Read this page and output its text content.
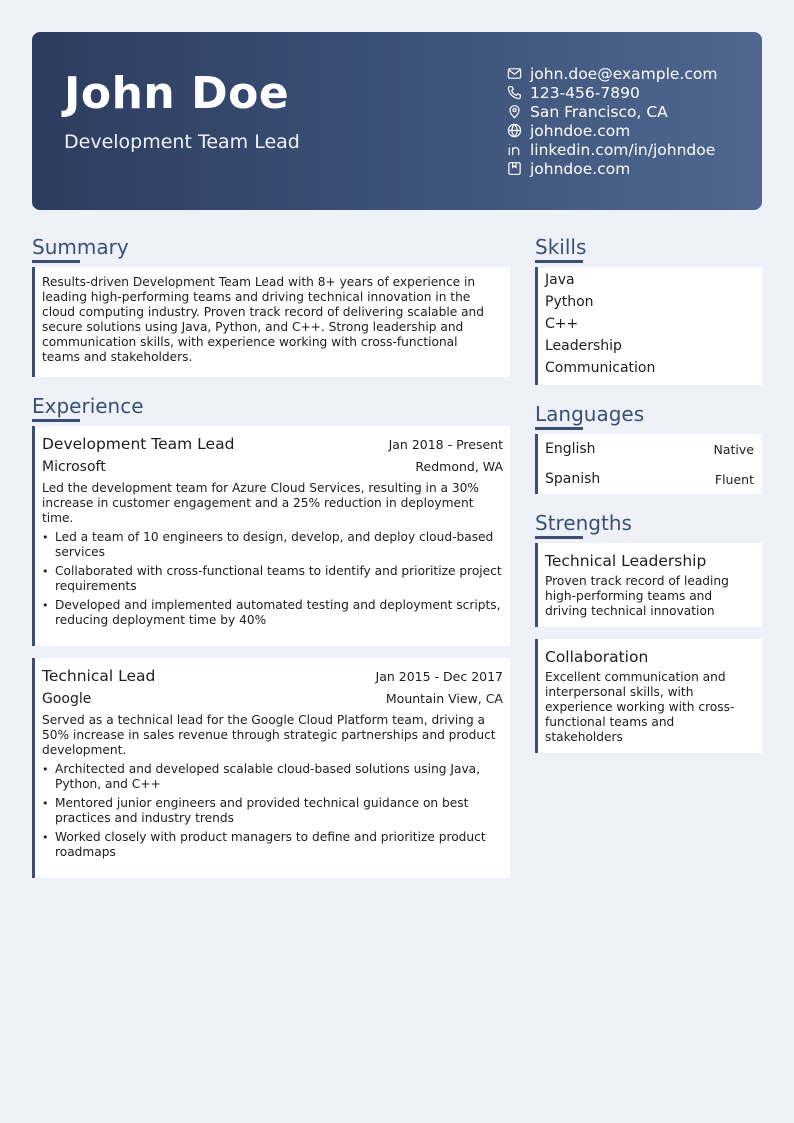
John Doe
Development Team Lead
john.doe@example.com
123-456-7890
San Francisco, CA
johndoe.com
linkedin.com/in/johndoe
johndoe.com
Summary
Results-driven Development Team Lead with 8+ years of experience in leading high-performing teams and driving technical innovation in the cloud computing industry. Proven track record of delivering scalable and secure solutions using Java, Python, and C++. Strong leadership and communication skills, with experience working with cross-functional teams and stakeholders.
Experience
Development Team Lead	Jan 2018 - Present
Microsoft	Redmond, WA
Led the development team for Azure Cloud Services, resulting in a 30% increase in customer engagement and a 25% reduction in deployment time.
• Led a team of 10 engineers to design, develop, and deploy cloud-based services
• Collaborated with cross-functional teams to identify and prioritize project requirements
• Developed and implemented automated testing and deployment scripts, reducing deployment time by 40%
Technical Lead	Jan 2015 - Dec 2017
Google	Mountain View, CA
Served as a technical lead for the Google Cloud Platform team, driving a 50% increase in sales revenue through strategic partnerships and product development.
• Architected and developed scalable cloud-based solutions using Java, Python, and C++
• Mentored junior engineers and provided technical guidance on best practices and industry trends
• Worked closely with product managers to define and prioritize product roadmaps
Skills
Java
Python
C++
Leadership
Communication
Languages
English	Native
Spanish	Fluent
Strengths
Technical Leadership
Proven track record of leading high-performing teams and driving technical innovation
Collaboration
Excellent communication and interpersonal skills, with experience working with cross-functional teams and stakeholders
